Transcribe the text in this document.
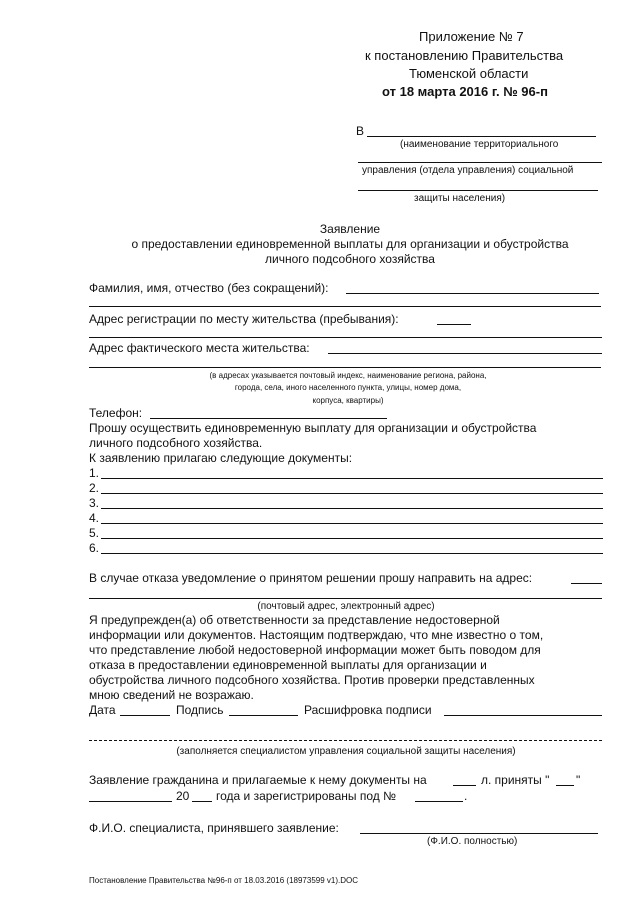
Приложение № 7
к постановлению Правительства
Тюменской области
от 18 марта 2016 г. № 96-п
В
(наименование территориального
управления (отдела управления) социальной
защиты населения)
Заявление
о предоставлении единовременной выплаты для организации и обустройства
личного подсобного хозяйства
Фамилия, имя, отчество (без сокращений):
Адрес регистрации по месту жительства (пребывания):
Адрес фактического места жительства:
(в адресах указывается почтовый индекс, наименование региона, района,
города, села, иного населенного пункта, улицы, номер дома,
корпуса, квартиры)
Телефон:
Прошу осуществить единовременную выплату для организации и обустройства
личного подсобного хозяйства.
К заявлению прилагаю следующие документы:
1.
2.
3.
4.
5.
6.
В случае отказа уведомление о принятом решении прошу направить на адрес:
(почтовый адрес, электронный адрес)
Я предупрежден(а) об ответственности за представление недостоверной
информации или документов. Настоящим подтверждаю, что мне известно о том,
что представление любой недостоверной информации может быть поводом для
отказа в предоставлении единовременной выплаты для организации и
обустройства личного подсобного хозяйства. Против проверки представленных
мною сведений не возражаю.
Дата	Подпись	Расшифровка подписи
(заполняется специалистом управления социальной защиты населения)
Заявление гражданина и прилагаемые к нему документы на	л. приняты " "
20 года и зарегистрированы под №	.
Ф.И.О. специалиста, принявшего заявление:
(Ф.И.О. полностью)
Постановление Правительства №96-п от 18.03.2016 (18973599 v1).DOC
